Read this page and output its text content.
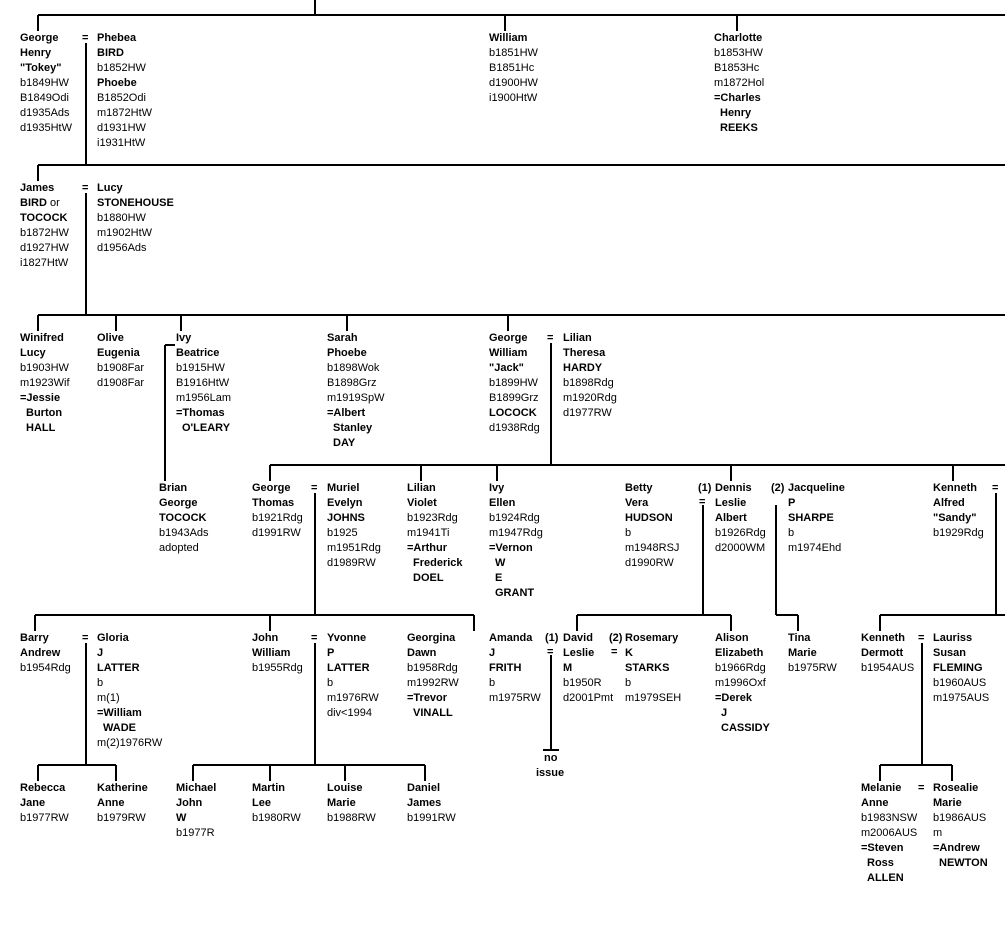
=
=
=
=
=
=
=	=
=	=
=
=
(1)	(2)
(1)	(2)
no
issue
George
Henry
"Tokey"
b1849HW
B1849Odi
d1935Ads
d1935HtW
Phebea
BIRD
b1852HW
Phoebe
B1852Odi
m1872HtW
d1931HW
i1931HtW
William
b1851HW
B1851Hc
d1900HW
i1900HtW
Charlotte
b1853HW
B1853Hc
m1872Hol
=Charles
Henry
REEKS
James
BIRD or
TOCOCK
b1872HW
d1927HW
i1827HtW
Lucy
STONEHOUSE
b1880HW
m1902HtW
d1956Ads
Winifred
Lucy
b1903HW
m1923Wif
=Jessie
Burton
HALL
Olive
Eugenia
b1908Far
d1908Far
Ivy
Beatrice
b1915HW
B1916HtW
m1956Lam
=Thomas
O'LEARY
Sarah
Phoebe
b1898Wok
B1898Grz
m1919SpW
=Albert
Stanley
DAY
George
William
"Jack"
b1899HW
B1899Grz
LOCOCK
d1938Rdg
Lilian
Theresa
HARDY
b1898Rdg
m1920Rdg
d1977RW
Brian
George
TOCOCK
b1943Ads
adopted
George
Thomas
b1921Rdg
d1991RW
Muriel
Evelyn
JOHNS
b1925
m1951Rdg
d1989RW
Lilian
Violet
b1923Rdg
m1941Ti
=Arthur
Frederick
DOEL
Ivy
Ellen
b1924Rdg
m1947Rdg
=Vernon
W
E
GRANT
Betty
Vera
HUDSON
b
m1948RSJ
d1990RW
Dennis
Leslie
Albert
b1926Rdg
d2000WM
Jacqueline
P
SHARPE
b
m1974Ehd
Kenneth
Alfred
"Sandy"
b1929Rdg
Barry
Andrew
b1954Rdg
Gloria
J
LATTER
b
m(1)
=William
WADE
m(2)1976RW
John
William
b1955Rdg
Yvonne
P
LATTER
b
m1976RW
div<1994
Georgina
Dawn
b1958Rdg
m1992RW
=Trevor
VINALL
Amanda
J
FRITH
b
m1975RW
David
Leslie
M
b1950R
d2001Pmt
Rosemary
K
STARKS
b
m1979SEH
Alison
Elizabeth
b1966Rdg
m1996Oxf
=Derek
J
CASSIDY
Tina
Marie
b1975RW
Kenneth
Dermott
b1954AUS
Lauriss
Susan
FLEMING
b1960AUS
m1975AUS
Rebecca
Jane
b1977RW
Katherine
Anne
b1979RW
Michael
John
W
b1977R
Martin
Lee
b1980RW
Louise
Marie
b1988RW
Daniel
James
b1991RW
Melanie
Anne
b1983NSW
m2006AUS
=Steven
Ross
ALLEN
Rosealie
Marie
b1986AUS
m
=Andrew
NEWTON
